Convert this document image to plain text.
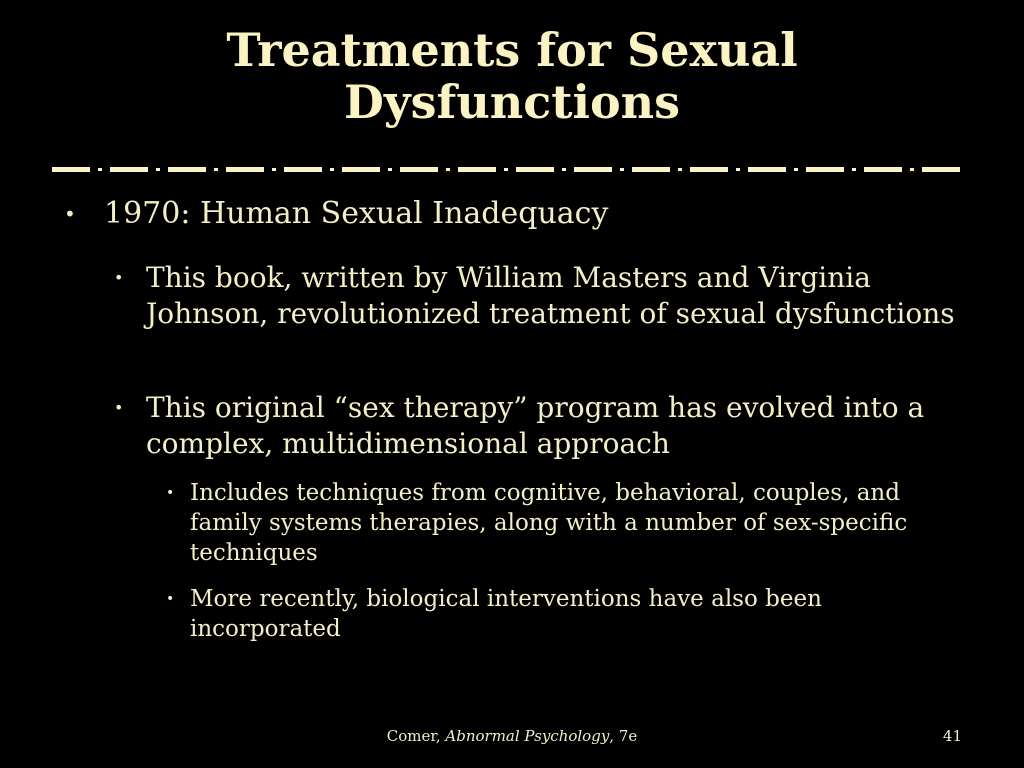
Treatments for Sexual
Dysfunctions
• 1970: Human Sexual Inadequacy
• This book, written by William Masters and Virginia Johnson, revolutionized treatment of sexual dysfunctions
• This original “sex therapy” program has evolved into a complex, multidimensional approach
• Includes techniques from cognitive, behavioral, couples, and family systems therapies, along with a number of sex-specific techniques
• More recently, biological interventions have also been incorporated
Comer, Abnormal Psychology, 7e	41
